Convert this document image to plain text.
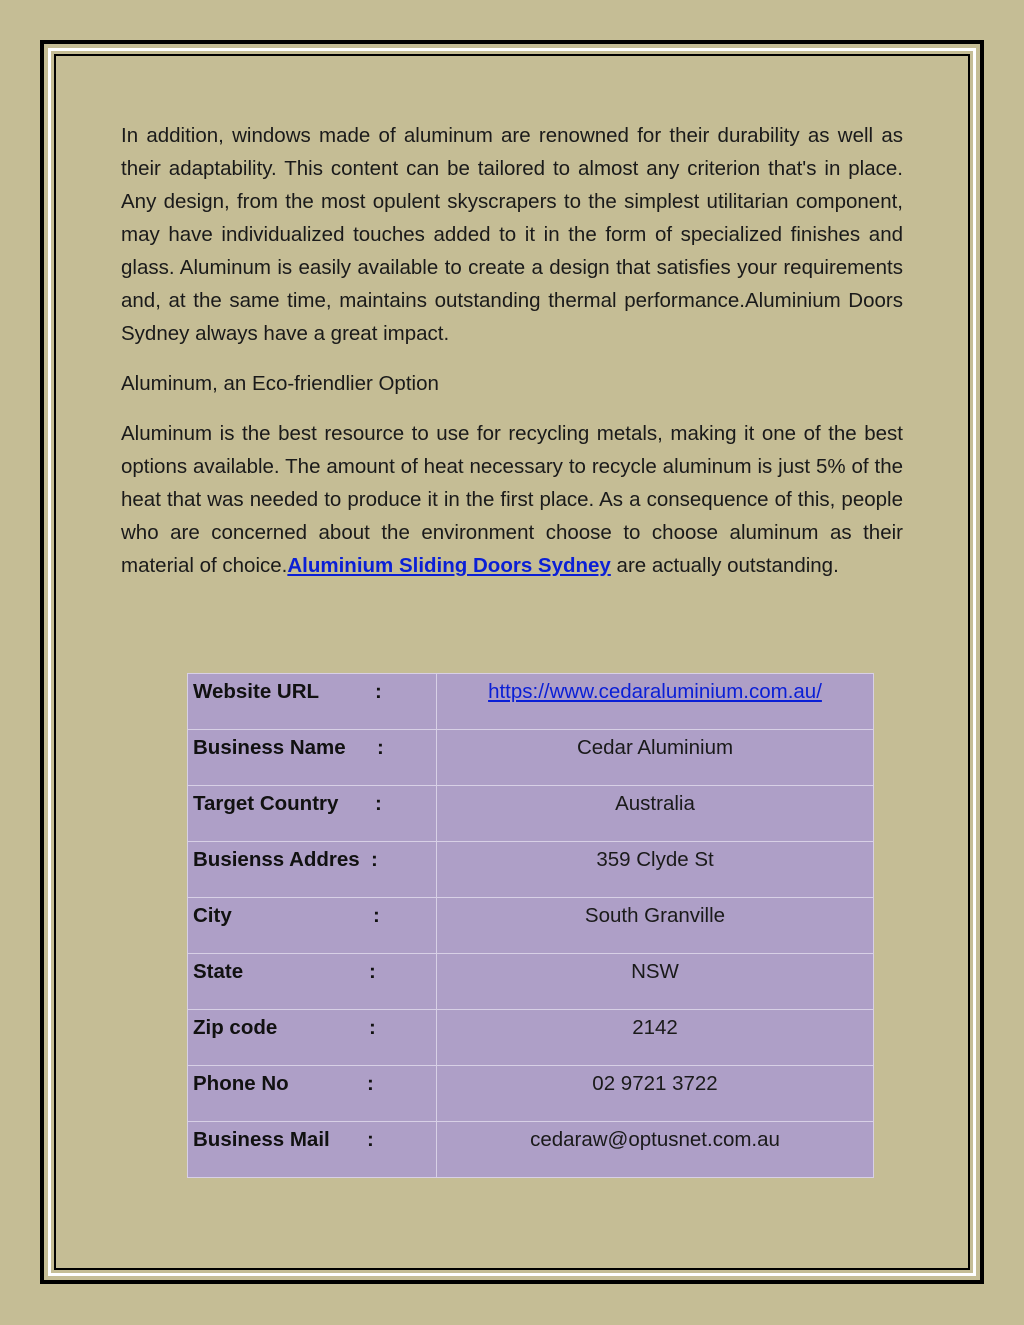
In addition, windows made of aluminum are renowned for their durability as well as their adaptability. This content can be tailored to almost any criterion that's in place. Any design, from the most opulent skyscrapers to the simplest utilitarian component, may have individualized touches added to it in the form of specialized finishes and glass. Aluminum is easily available to create a design that satisfies your requirements and, at the same time, maintains outstanding thermal performance.Aluminium Doors Sydney always have a great impact.

Aluminum, an Eco-friendlier Option

Aluminum is the best resource to use for recycling metals, making it one of the best options available. The amount of heat necessary to recycle aluminum is just 5% of the heat that was needed to produce it in the first place. As a consequence of this, people who are concerned about the environment choose to choose aluminum as their material of choice.Aluminium Sliding Doors Sydney are actually outstanding.

Website URL :	https://www.cedaraluminium.com.au/

Business Name :	Cedar Aluminium

Target Country :	Australia

Busienss Addres :	359 Clyde St

City :	South Granville

State :	NSW

Zip code :	2142

Phone No :	02 9721 3722

Business Mail :	cedaraw@optusnet.com.au
